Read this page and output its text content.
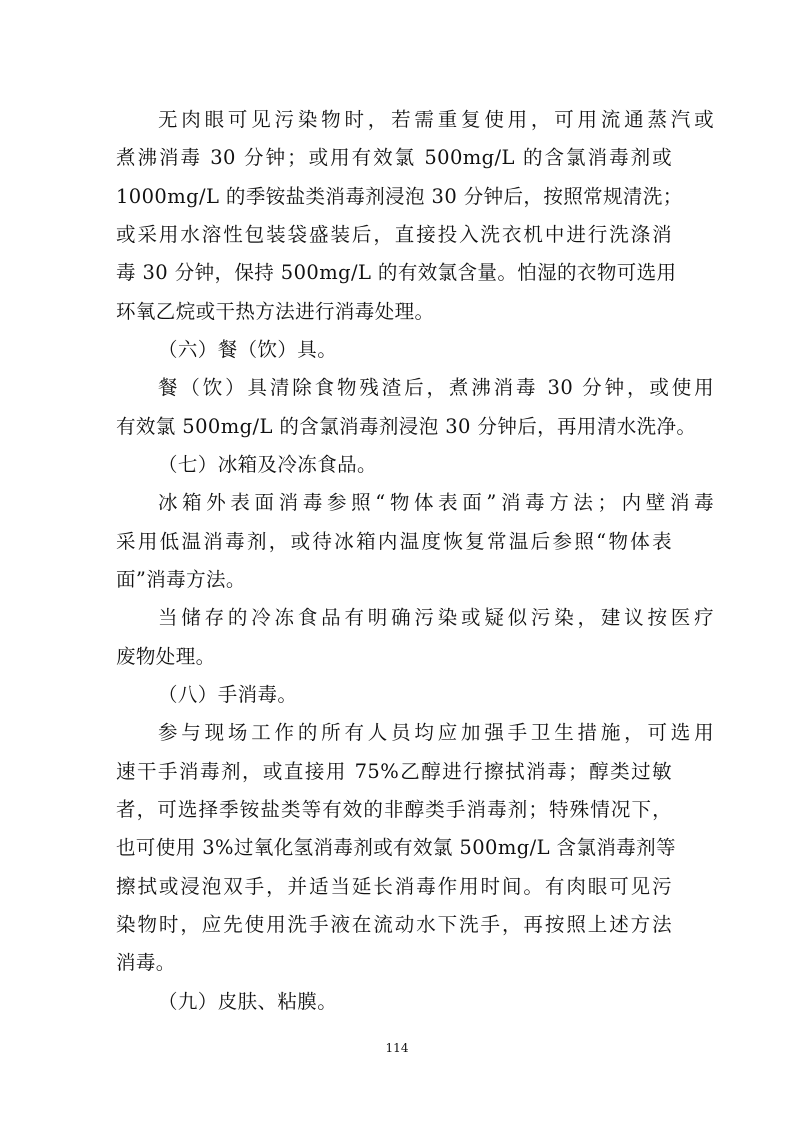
无肉眼可见污染物时，若需重复使用，可用流通蒸汽或
煮沸消毒 30 分钟；或用有效氯 500mg/L 的含氯消毒剂或
1000mg/L 的季铵盐类消毒剂浸泡 30 分钟后，按照常规清洗；
或采用水溶性包装袋盛装后，直接投入洗衣机中进行洗涤消
毒 30 分钟，保持 500mg/L 的有效氯含量。怕湿的衣物可选用
环氧乙烷或干热方法进行消毒处理。
（六）餐（饮）具。
餐（饮）具清除食物残渣后，煮沸消毒 30 分钟，或使用
有效氯 500mg/L 的含氯消毒剂浸泡 30 分钟后，再用清水洗净。
（七）冰箱及冷冻食品。
冰箱外表面消毒参照“物体表面”消毒方法；内壁消毒
采用低温消毒剂，或待冰箱内温度恢复常温后参照“物体表
面”消毒方法。
当储存的冷冻食品有明确污染或疑似污染，建议按医疗
废物处理。
（八）手消毒。
参与现场工作的所有人员均应加强手卫生措施，可选用
速干手消毒剂，或直接用 75%乙醇进行擦拭消毒；醇类过敏
者，可选择季铵盐类等有效的非醇类手消毒剂；特殊情况下，
也可使用 3%过氧化氢消毒剂或有效氯 500mg/L 含氯消毒剂等
擦拭或浸泡双手，并适当延长消毒作用时间。有肉眼可见污
染物时，应先使用洗手液在流动水下洗手，再按照上述方法
消毒。
（九）皮肤、粘膜。
114
